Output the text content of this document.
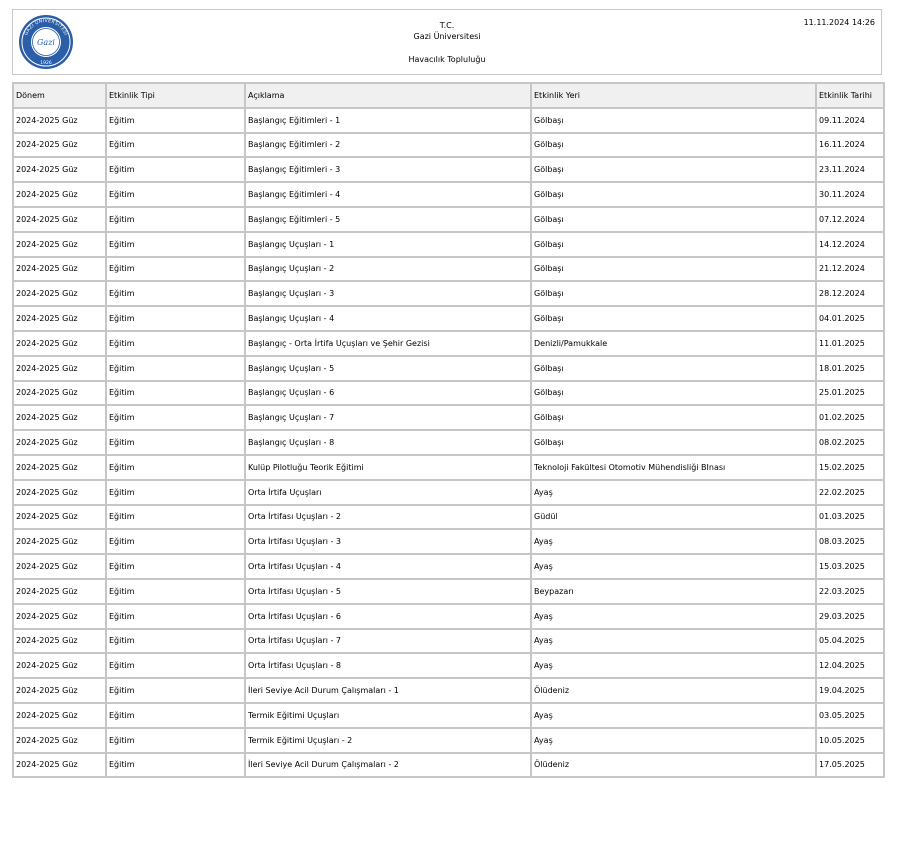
GAZİ ÜNİVERSİTESİ
Gazi
1926
T.C.
Gazi Üniversitesi
Havacılık Topluluğu
11.11.2024 14:26
Dönem	Etkinlik Tipi	Açıklama	Etkinlik Yeri	Etkinlik Tarihi
2024-2025 Güz	Eğitim	Başlangıç Eğitimleri - 1	Gölbaşı	09.11.2024
2024-2025 Güz	Eğitim	Başlangıç Eğitimleri - 2	Gölbaşı	16.11.2024
2024-2025 Güz	Eğitim	Başlangıç Eğitimleri - 3	Gölbaşı	23.11.2024
2024-2025 Güz	Eğitim	Başlangıç Eğitimleri - 4	Gölbaşı	30.11.2024
2024-2025 Güz	Eğitim	Başlangıç Eğitimleri - 5	Gölbaşı	07.12.2024
2024-2025 Güz	Eğitim	Başlangıç Uçuşları - 1	Gölbaşı	14.12.2024
2024-2025 Güz	Eğitim	Başlangıç Uçuşları - 2	Gölbaşı	21.12.2024
2024-2025 Güz	Eğitim	Başlangıç Uçuşları - 3	Gölbaşı	28.12.2024
2024-2025 Güz	Eğitim	Başlangıç Uçuşları - 4	Gölbaşı	04.01.2025
2024-2025 Güz	Eğitim	Başlangıç - Orta İrtifa Uçuşları ve Şehir Gezisi	Denizli/Pamukkale	11.01.2025
2024-2025 Güz	Eğitim	Başlangıç Uçuşları - 5	Gölbaşı	18.01.2025
2024-2025 Güz	Eğitim	Başlangıç Uçuşları - 6	Gölbaşı	25.01.2025
2024-2025 Güz	Eğitim	Başlangıç Uçuşları - 7	Gölbaşı	01.02.2025
2024-2025 Güz	Eğitim	Başlangıç Uçuşları - 8	Gölbaşı	08.02.2025
2024-2025 Güz	Eğitim	Kulüp Pilotluğu Teorik Eğitimi	Teknoloji Fakültesi Otomotiv Mühendisliği BInası	15.02.2025
2024-2025 Güz	Eğitim	Orta İrtifa Uçuşları	Ayaş	22.02.2025
2024-2025 Güz	Eğitim	Orta İrtifası Uçuşları - 2	Güdül	01.03.2025
2024-2025 Güz	Eğitim	Orta İrtifası Uçuşları - 3	Ayaş	08.03.2025
2024-2025 Güz	Eğitim	Orta İrtifası Uçuşları - 4	Ayaş	15.03.2025
2024-2025 Güz	Eğitim	Orta İrtifası Uçuşları - 5	Beypazarı	22.03.2025
2024-2025 Güz	Eğitim	Orta İrtifası Uçuşları - 6	Ayaş	29.03.2025
2024-2025 Güz	Eğitim	Orta İrtifası Uçuşları - 7	Ayaş	05.04.2025
2024-2025 Güz	Eğitim	Orta İrtifası Uçuşları - 8	Ayaş	12.04.2025
2024-2025 Güz	Eğitim	İleri Seviye Acil Durum Çalışmaları - 1	Ölüdeniz	19.04.2025
2024-2025 Güz	Eğitim	Termik Eğitimi Uçuşları	Ayaş	03.05.2025
2024-2025 Güz	Eğitim	Termik Eğitimi Uçuşları - 2	Ayaş	10.05.2025
2024-2025 Güz	Eğitim	İleri Seviye Acil Durum Çalışmaları - 2	Ölüdeniz	17.05.2025
